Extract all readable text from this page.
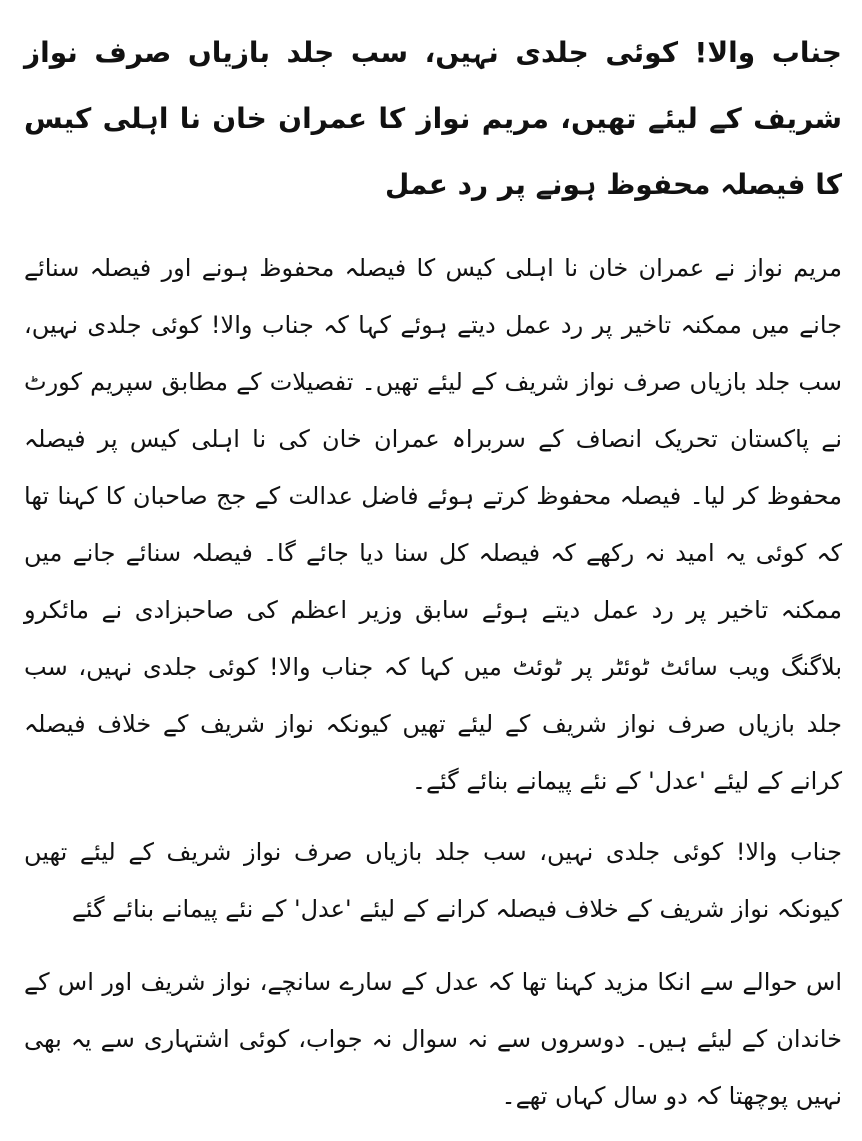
جناب والا! کوئی جلدی نہیں، سب جلد بازیاں صرف نواز شریف کے لیئے تھیں، مریم نواز کا عمران خان نا اہلی کیس کا فیصلہ محفوظ ہونے پر رد عمل

مریم نواز نے عمران خان نا اہلی کیس کا فیصلہ محفوظ ہونے اور فیصلہ سنائے جانے میں ممکنہ تاخیر پر رد عمل دیتے ہوئے کہا کہ جناب والا! کوئی جلدی نہیں، سب جلد بازیاں صرف نواز شریف کے لیئے تھیں۔ تفصیلات کے مطابق سپریم کورٹ نے پاکستان تحریک انصاف کے سربراہ عمران خان کی نا اہلی کیس پر فیصلہ محفوظ کر لیا۔ فیصلہ محفوظ کرتے ہوئے فاضل عدالت کے جج صاحبان کا کہنا تھا کہ کوئی یہ امید نہ رکھے کہ فیصلہ کل سنا دیا جائے گا۔ فیصلہ سنائے جانے میں ممکنہ تاخیر پر رد عمل دیتے ہوئے سابق وزیر اعظم کی صاحبزادی نے مائکرو بلاگنگ ویب سائٹ ٹوئٹر پر ٹوئٹ میں کہا کہ جناب والا! کوئی جلدی نہیں، سب جلد بازیاں صرف نواز شریف کے لیئے تھیں کیونکہ نواز شریف کے خلاف فیصلہ کرانے کے لیئے 'عدل' کے نئے پیمانے بنائے گئے۔

جناب والا! کوئی جلدی نہیں، سب جلد بازیاں صرف نواز شریف کے لیئے تھیں کیونکہ نواز شریف کے خلاف فیصلہ کرانے کے لیئے 'عدل' کے نئے پیمانے بنائے گئے

اس حوالے سے انکا مزید کہنا تھا کہ عدل کے سارے سانچے، نواز شریف اور اس کے خاندان کے لیئے ہیں۔ دوسروں سے نہ سوال نہ جواب، کوئی اشتہاری سے یہ بھی نہیں پوچھتا کہ دو سال کہاں تھے۔
